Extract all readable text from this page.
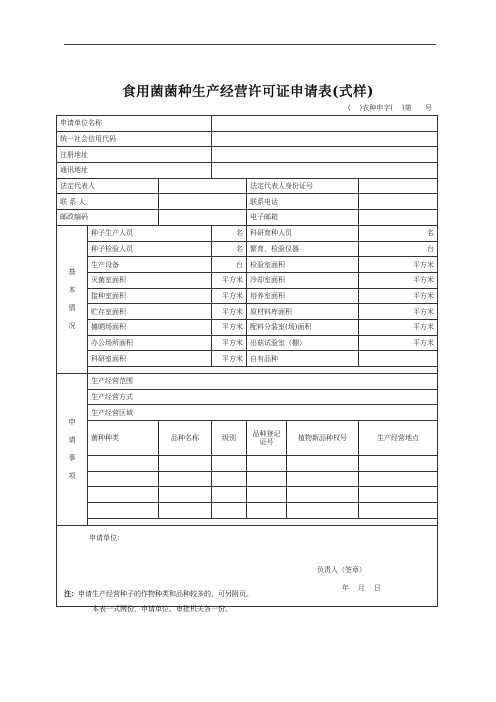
食用菌菌种生产经营许可证申请表(式样)
(    )农种申字(    )第      号
申请单位名称						
统一社会信用代码						
注册地址						
通讯地址						
法定代表人				法定代表人身份证号		
联 系 人				联系电话		
邮政编码				电子邮箱		

基
本
情
况	种子生产人员		名	科研育种人员		名
	种子检验人员		名	繁育、检验仪器		台
	生产设备		台	检验室面积		平方米
	灭菌室面积		平方米	冷却室面积		平方米
	接种室面积		平方米	培养室面积		平方米
	贮存室面积		平方米	原材料库面积		平方米
	摊晒场面积		平方米	配料分装室(场)面积		平方米
	办公场所面积		平方米	出菇试验室（棚）		平方米
	科研室面积		平方米	自有品种		

申
请
事
项	生产经营范围					
	生产经营方式					
	生产经营区域					
	菌种种类	品种名称	级别	品种登记证号	植物新品种权号	生产经营地点

申请单位：
负责人（签章）
年    月    日						
注：申请生产经营种子的作物种类和品种较多的，可另附页。
本表一式两份，申请单位、审批机关各一份。
